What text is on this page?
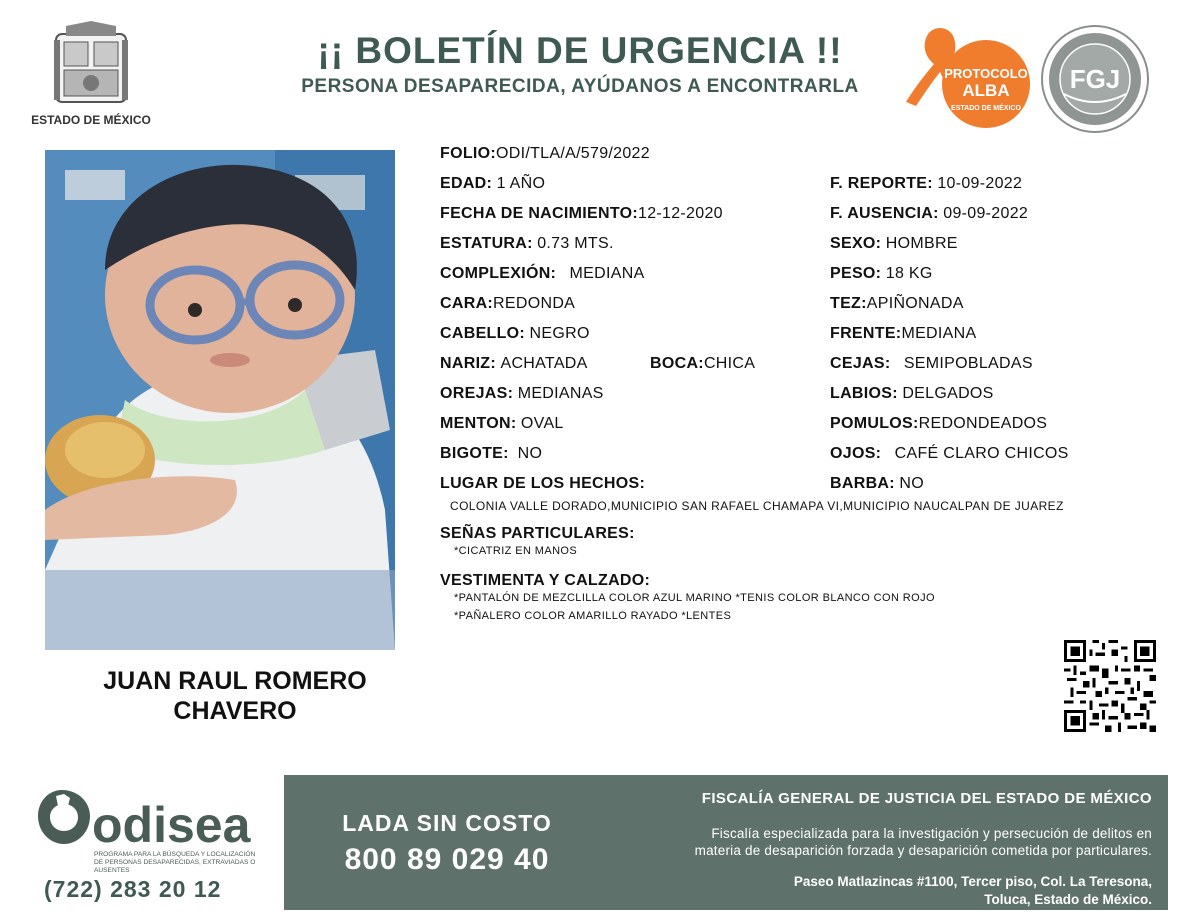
ESTADO DE MÉXICO
¡¡ BOLETÍN DE URGENCIA !!
PERSONA DESAPARECIDA, AYÚDANOS A ENCONTRARLA
PROTOCOLO
ALBA
ESTADO DE MÉXICO
FGJ
JUAN RAUL ROMERO
CHAVERO
FOLIO:ODI/TLA/A/579/2022
EDAD: 1 AÑO	F. REPORTE: 10-09-2022
FECHA DE NACIMIENTO:12-12-2020	F. AUSENCIA: 09-09-2022
ESTATURA: 0.73 MTS.	SEXO: HOMBRE
COMPLEXIÓN: MEDIANA	PESO: 18 KG
CARA:REDONDA	TEZ:APIÑONADA
CABELLO: NEGRO	FRENTE:MEDIANA
NARIZ: ACHATADA	BOCA:CHICA	CEJAS: SEMIPOBLADAS
OREJAS: MEDIANAS	LABIOS: DELGADOS
MENTON: OVAL	POMULOS:REDONDEADOS
BIGOTE: NO	OJOS: CAFÉ CLARO CHICOS
LUGAR DE LOS HECHOS:	BARBA: NO
COLONIA VALLE DORADO,MUNICIPIO SAN RAFAEL CHAMAPA VI,MUNICIPIO NAUCALPAN DE JUAREZ
SEÑAS PARTICULARES:
*CICATRIZ EN MANOS
VESTIMENTA Y CALZADO:
*PANTALÓN DE MEZCLILLA COLOR AZUL MARINO *TENIS COLOR BLANCO CON ROJO
*PAÑALERO COLOR AMARILLO RAYADO *LENTES
odisea
PROGRAMA PARA LA BÚSQUEDA Y LOCALIZACIÓN
DE PERSONAS DESAPARECIDAS, EXTRAVIADAS O
AUSENTES
(722) 283 20 12
LADA SIN COSTO
800 89 029 40
FISCALÍA GENERAL DE JUSTICIA DEL ESTADO DE MÉXICO
Fiscalía especializada para la investigación y persecución de delitos en
materia de desaparición forzada y desaparición cometida por particulares.
Paseo Matlazincas #1100, Tercer piso, Col. La Teresona,
Toluca, Estado de México.
